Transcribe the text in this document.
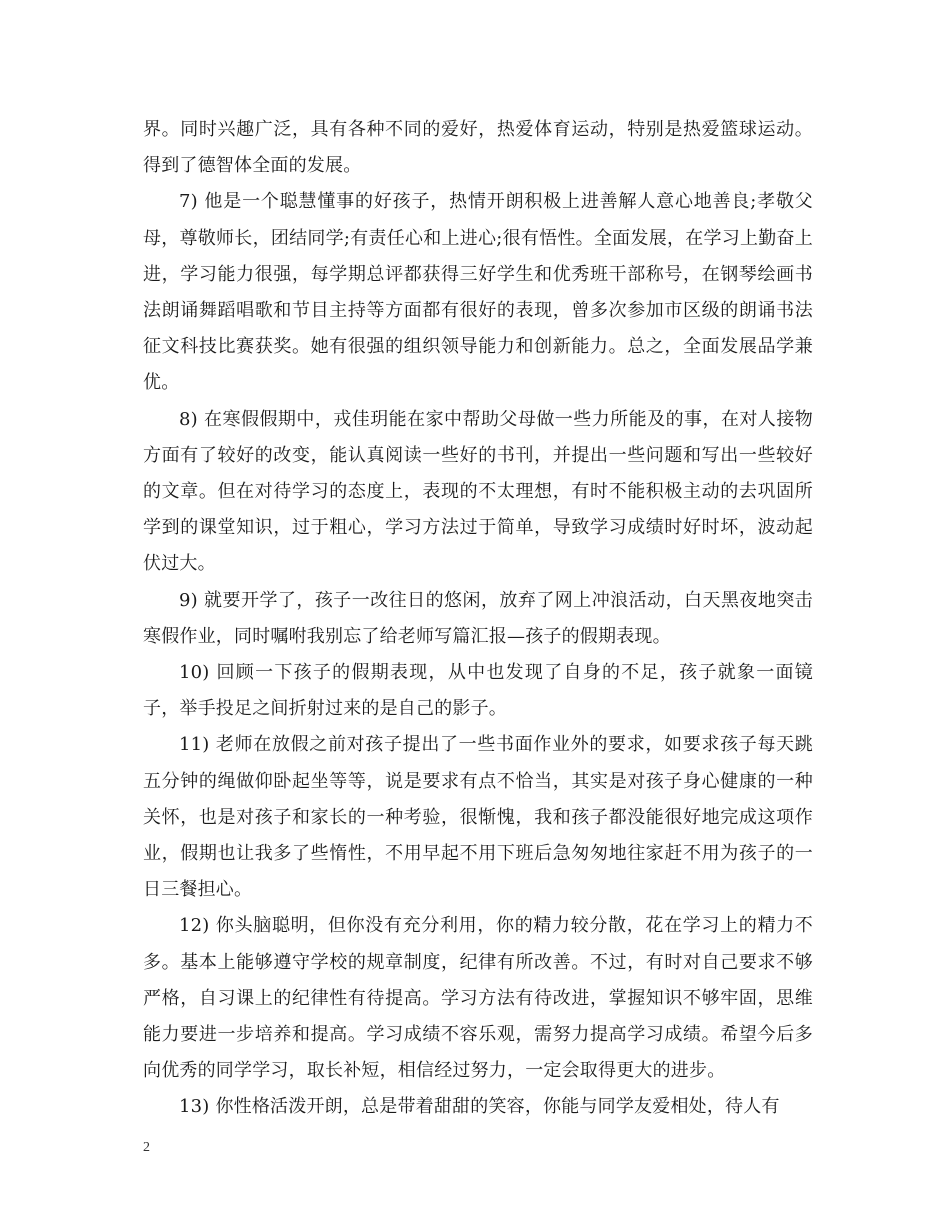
界。同时兴趣广泛，具有各种不同的爱好，热爱体育运动，特别是热爱篮球运动。得到了德智体全面的发展。

7) 他是一个聪慧懂事的好孩子，热情开朗积极上进善解人意心地善良;孝敬父母，尊敬师长，团结同学;有责任心和上进心;很有悟性。全面发展，在学习上勤奋上进，学习能力很强，每学期总评都获得三好学生和优秀班干部称号，在钢琴绘画书法朗诵舞蹈唱歌和节目主持等方面都有很好的表现，曾多次参加市区级的朗诵书法征文科技比赛获奖。她有很强的组织领导能力和创新能力。总之，全面发展品学兼优。

8) 在寒假假期中，戎佳玥能在家中帮助父母做一些力所能及的事，在对人接物方面有了较好的改变，能认真阅读一些好的书刊，并提出一些问题和写出一些较好的文章。但在对待学习的态度上，表现的不太理想，有时不能积极主动的去巩固所学到的课堂知识，过于粗心，学习方法过于简单，导致学习成绩时好时坏，波动起伏过大。

9) 就要开学了，孩子一改往日的悠闲，放弃了网上冲浪活动，白天黑夜地突击寒假作业，同时嘱咐我别忘了给老师写篇汇报—孩子的假期表现。

10) 回顾一下孩子的假期表现，从中也发现了自身的不足，孩子就象一面镜子，举手投足之间折射过来的是自己的影子。

11) 老师在放假之前对孩子提出了一些书面作业外的要求，如要求孩子每天跳五分钟的绳做仰卧起坐等等，说是要求有点不恰当，其实是对孩子身心健康的一种关怀，也是对孩子和家长的一种考验，很惭愧，我和孩子都没能很好地完成这项作业，假期也让我多了些惰性，不用早起不用下班后急匆匆地往家赶不用为孩子的一日三餐担心。

12) 你头脑聪明，但你没有充分利用，你的精力较分散，花在学习上的精力不多。基本上能够遵守学校的规章制度，纪律有所改善。不过，有时对自己要求不够严格，自习课上的纪律性有待提高。学习方法有待改进，掌握知识不够牢固，思维能力要进一步培养和提高。学习成绩不容乐观，需努力提高学习成绩。希望今后多向优秀的同学学习，取长补短，相信经过努力，一定会取得更大的进步。

13) 你性格活泼开朗，总是带着甜甜的笑容，你能与同学友爱相处，待人有

2
